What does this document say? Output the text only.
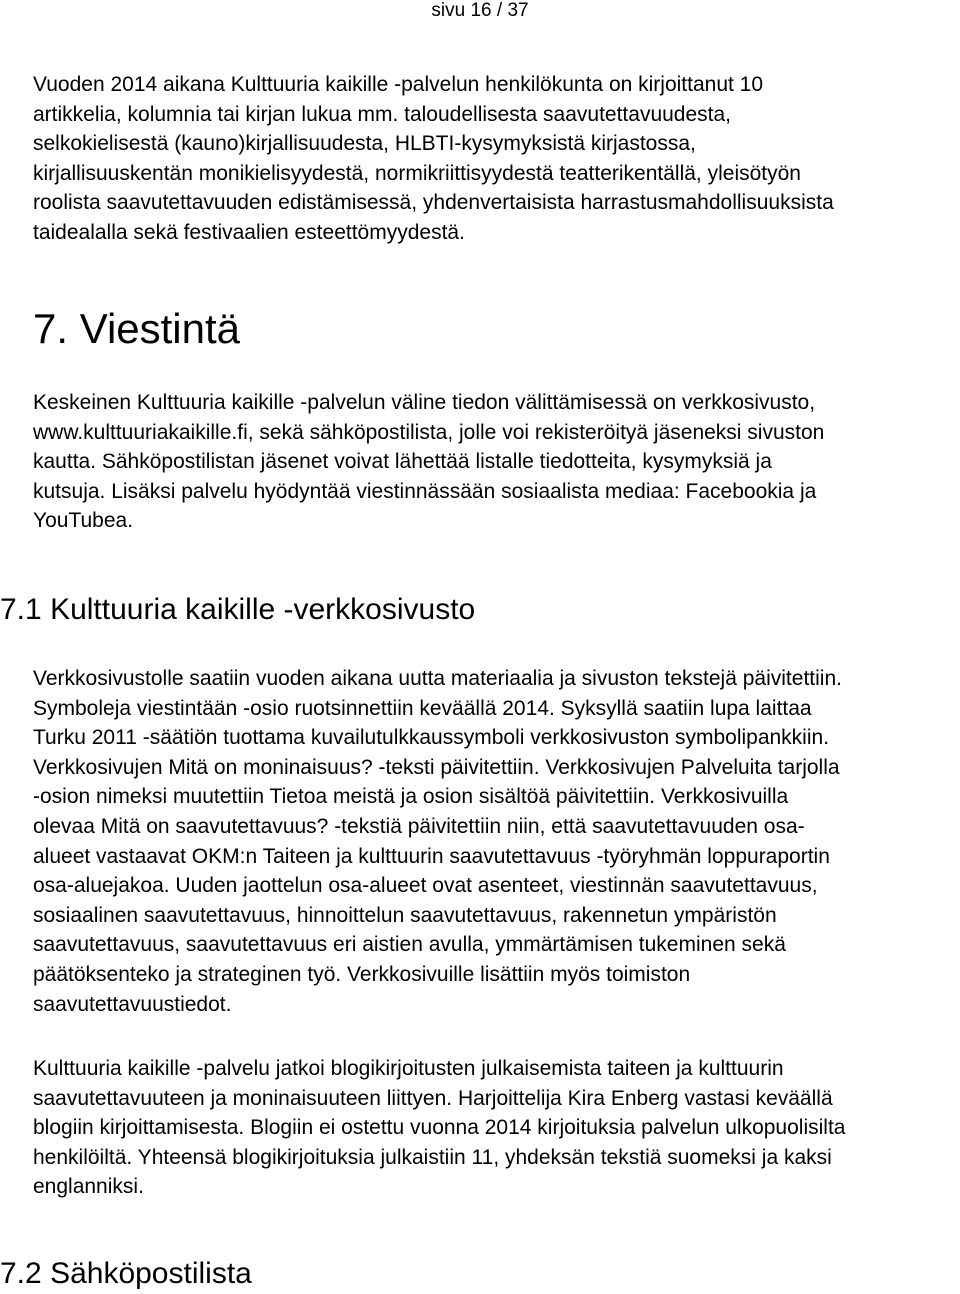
sivu 16 / 37

Vuoden 2014 aikana Kulttuuria kaikille -palvelun henkilökunta on kirjoittanut 10
artikkelia, kolumnia tai kirjan lukua mm. taloudellisesta saavutettavuudesta,
selkokielisestä (kauno)kirjallisuudesta, HLBTI-kysymyksistä kirjastossa,
kirjallisuuskentän monikielisyydestä, normikriittisyydestä teatterikentällä, yleisötyön
roolista saavutettavuuden edistämisessä, yhdenvertaisista harrastusmahdollisuuksista
taidealalla sekä festivaalien esteettömyydestä.

7. Viestintä

Keskeinen Kulttuuria kaikille -palvelun väline tiedon välittämisessä on verkkosivusto,
www.kulttuuriakaikille.fi, sekä sähköpostilista, jolle voi rekisteröityä jäseneksi sivuston
kautta. Sähköpostilistan jäsenet voivat lähettää listalle tiedotteita, kysymyksiä ja
kutsuja. Lisäksi palvelu hyödyntää viestinnässään sosiaalista mediaa: Facebookia ja
YouTubea.

7.1 Kulttuuria kaikille -verkkosivusto

Verkkosivustolle saatiin vuoden aikana uutta materiaalia ja sivuston tekstejä päivitettiin.
Symboleja viestintään -osio ruotsinnettiin keväällä 2014. Syksyllä saatiin lupa laittaa
Turku 2011 -säätiön tuottama kuvailutulkkaussymboli verkkosivuston symbolipankkiin.
Verkkosivujen Mitä on moninaisuus? -teksti päivitettiin. Verkkosivujen Palveluita tarjolla
-osion nimeksi muutettiin Tietoa meistä ja osion sisältöä päivitettiin. Verkkosivuilla
olevaa Mitä on saavutettavuus? -tekstiä päivitettiin niin, että saavutettavuuden osa-
alueet vastaavat OKM:n Taiteen ja kulttuurin saavutettavuus -työryhmän loppuraportin
osa-aluejakoa. Uuden jaottelun osa-alueet ovat asenteet, viestinnän saavutettavuus,
sosiaalinen saavutettavuus, hinnoittelun saavutettavuus, rakennetun ympäristön
saavutettavuus, saavutettavuus eri aistien avulla, ymmärtämisen tukeminen sekä
päätöksenteko ja strateginen työ. Verkkosivuille lisättiin myös toimiston
saavutettavuustiedot.

Kulttuuria kaikille -palvelu jatkoi blogikirjoitusten julkaisemista taiteen ja kulttuurin
saavutettavuuteen ja moninaisuuteen liittyen. Harjoittelija Kira Enberg vastasi keväällä
blogiin kirjoittamisesta. Blogiin ei ostettu vuonna 2014 kirjoituksia palvelun ulkopuolisilta
henkilöiltä. Yhteensä blogikirjoituksia julkaistiin 11, yhdeksän tekstiä suomeksi ja kaksi
englanniksi.

7.2 Sähköpostilista
